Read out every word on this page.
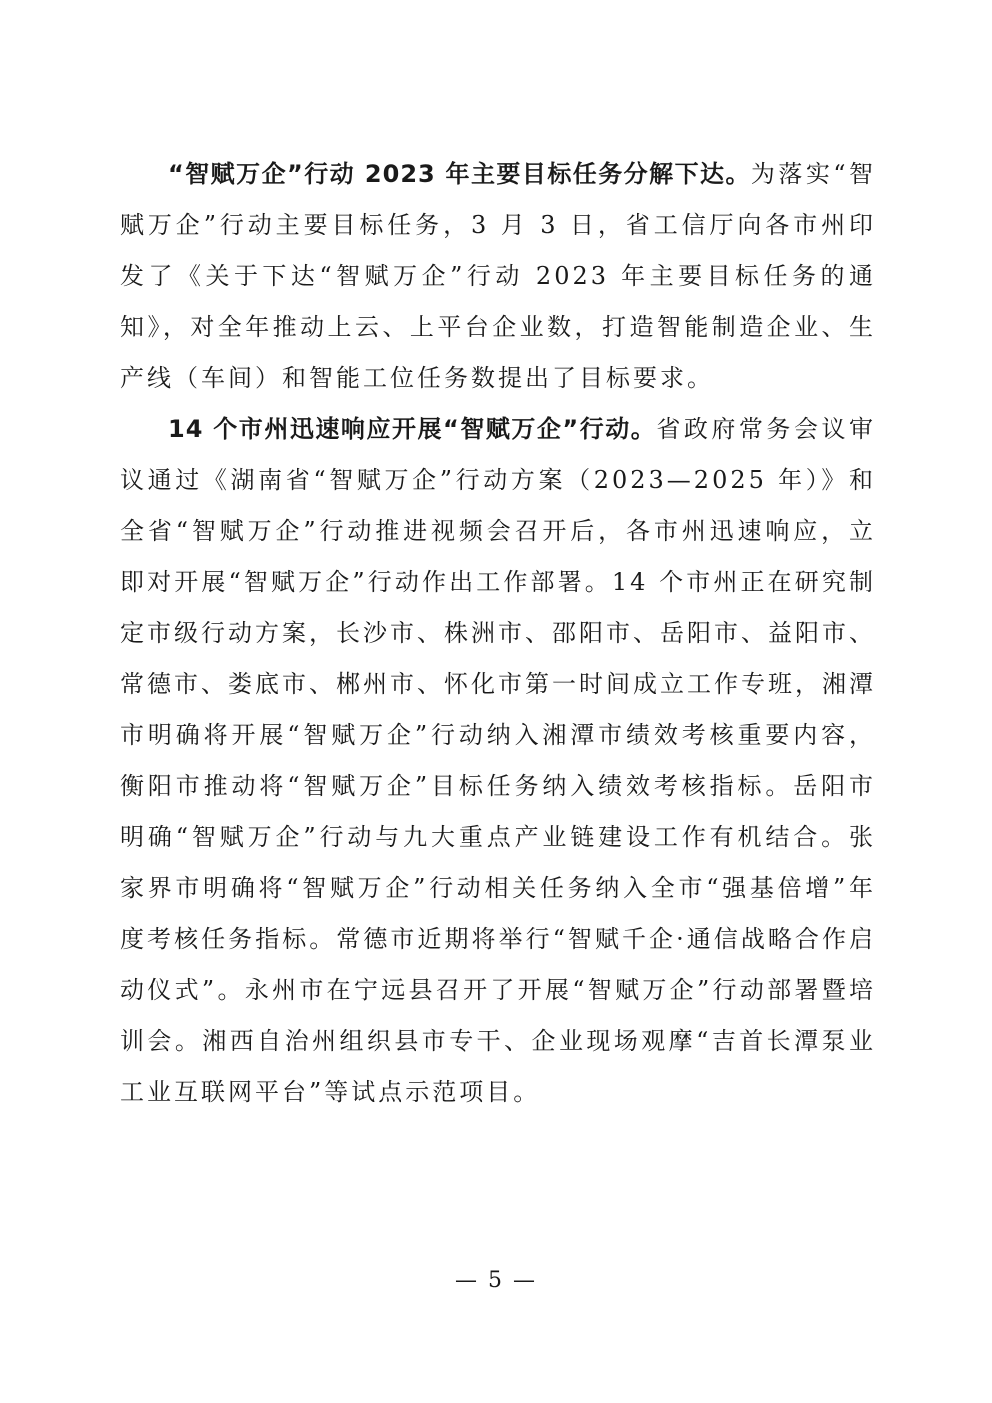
“智赋万企”行动 2023 年主要目标任务分解下达。为落实“智赋万企”行动主要目标任务，3 月 3 日，省工信厅向各市州印发了《关于下达“智赋万企”行动 2023 年主要目标任务的通知》，对全年推动上云、上平台企业数，打造智能制造企业、生产线（车间）和智能工位任务数提出了目标要求。

14 个市州迅速响应开展“智赋万企”行动。省政府常务会议审议通过《湖南省“智赋万企”行动方案（2023—2025 年）》和全省“智赋万企”行动推进视频会召开后，各市州迅速响应，立即对开展“智赋万企”行动作出工作部署。14 个市州正在研究制定市级行动方案，长沙市、株洲市、邵阳市、岳阳市、益阳市、常德市、娄底市、郴州市、怀化市第一时间成立工作专班，湘潭市明确将开展“智赋万企”行动纳入湘潭市绩效考核重要内容，衡阳市推动将“智赋万企”目标任务纳入绩效考核指标。岳阳市明确“智赋万企”行动与九大重点产业链建设工作有机结合。张家界市明确将“智赋万企”行动相关任务纳入全市“强基倍增”年度考核任务指标。常德市近期将举行“智赋千企·通信战略合作启动仪式”。永州市在宁远县召开了开展“智赋万企”行动部署暨培训会。湘西自治州组织县市专干、企业现场观摩“吉首长潭泵业工业互联网平台”等试点示范项目。

— 5 —
